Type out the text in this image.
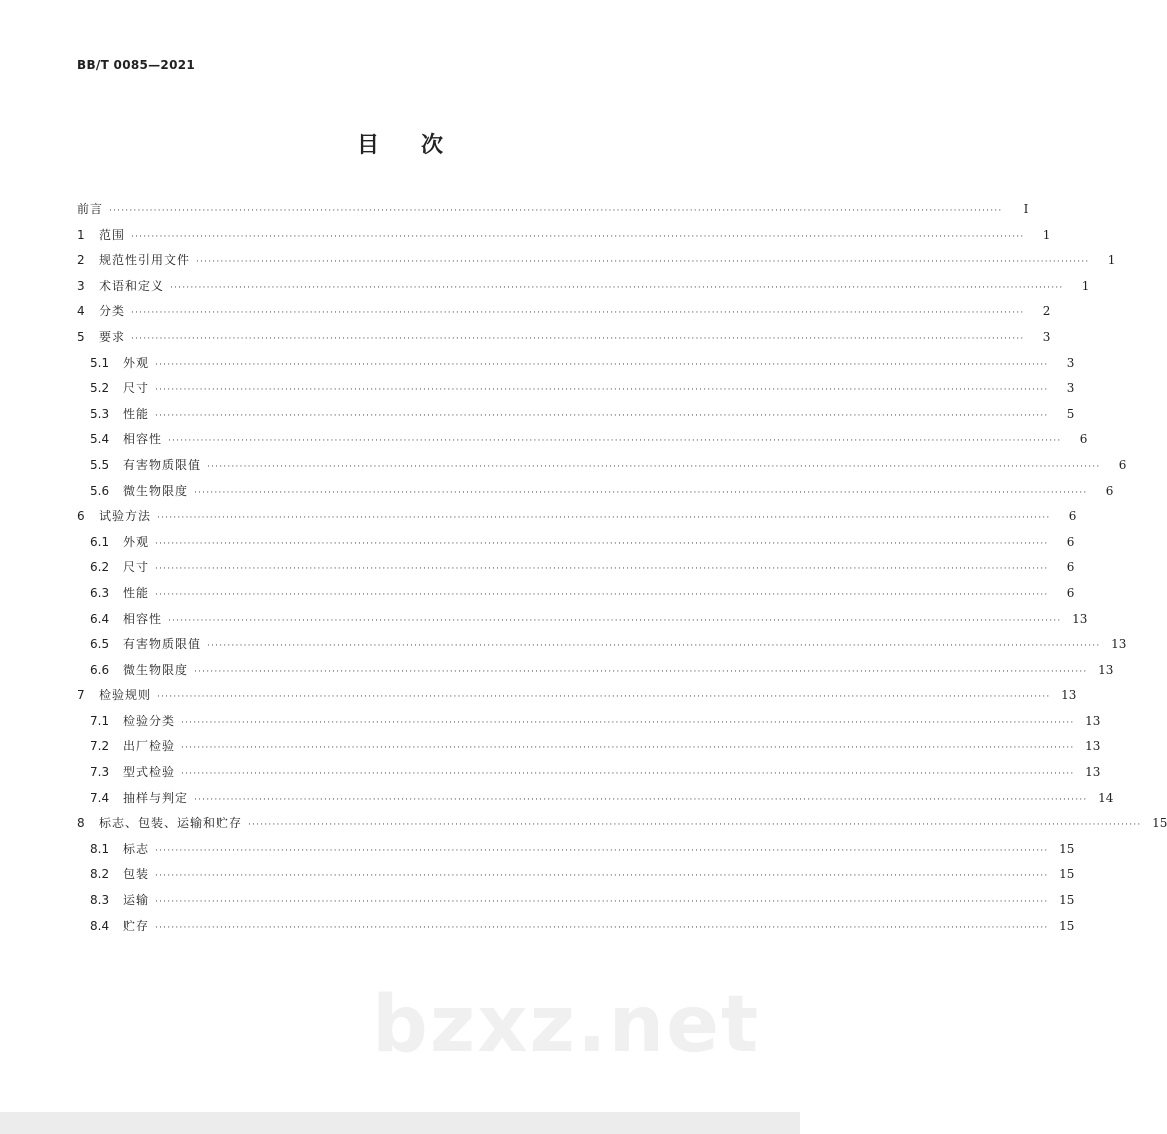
BB/T 0085—2021
目 次
前言 ····························································································································································································································	I
1	范围 ····························································································································································································································	1
2	规范性引用文件 ····························································································································································································································	1
3	术语和定义 ····························································································································································································································	1
4	分类 ····························································································································································································································	2
5	要求 ····························································································································································································································	3
5.1	外观 ····························································································································································································································	3
5.2	尺寸 ····························································································································································································································	3
5.3	性能 ····························································································································································································································	5
5.4	相容性 ····························································································································································································································	6
5.5	有害物质限值 ····························································································································································································································	6
5.6	微生物限度 ····························································································································································································································	6
6	试验方法 ····························································································································································································································	6
6.1	外观 ····························································································································································································································	6
6.2	尺寸 ····························································································································································································································	6
6.3	性能 ····························································································································································································································	6
6.4	相容性 ···························································································································································································································· 13
6.5	有害物质限值 ···························································································································································································································· 13
6.6	微生物限度 ···························································································································································································································· 13
7	检验规则 ···························································································································································································································· 13
7.1	检验分类 ···························································································································································································································· 13
7.2	出厂检验 ···························································································································································································································· 13
7.3	型式检验 ···························································································································································································································· 13
7.4	抽样与判定 ···························································································································································································································· 14
8	标志、包装、运输和贮存 ···························································································································································································································· 15
8.1	标志 ···························································································································································································································· 15
8.2	包装 ···························································································································································································································· 15
8.3	运输 ···························································································································································································································· 15
8.4	贮存 ···························································································································································································································· 15
bzxz.net
